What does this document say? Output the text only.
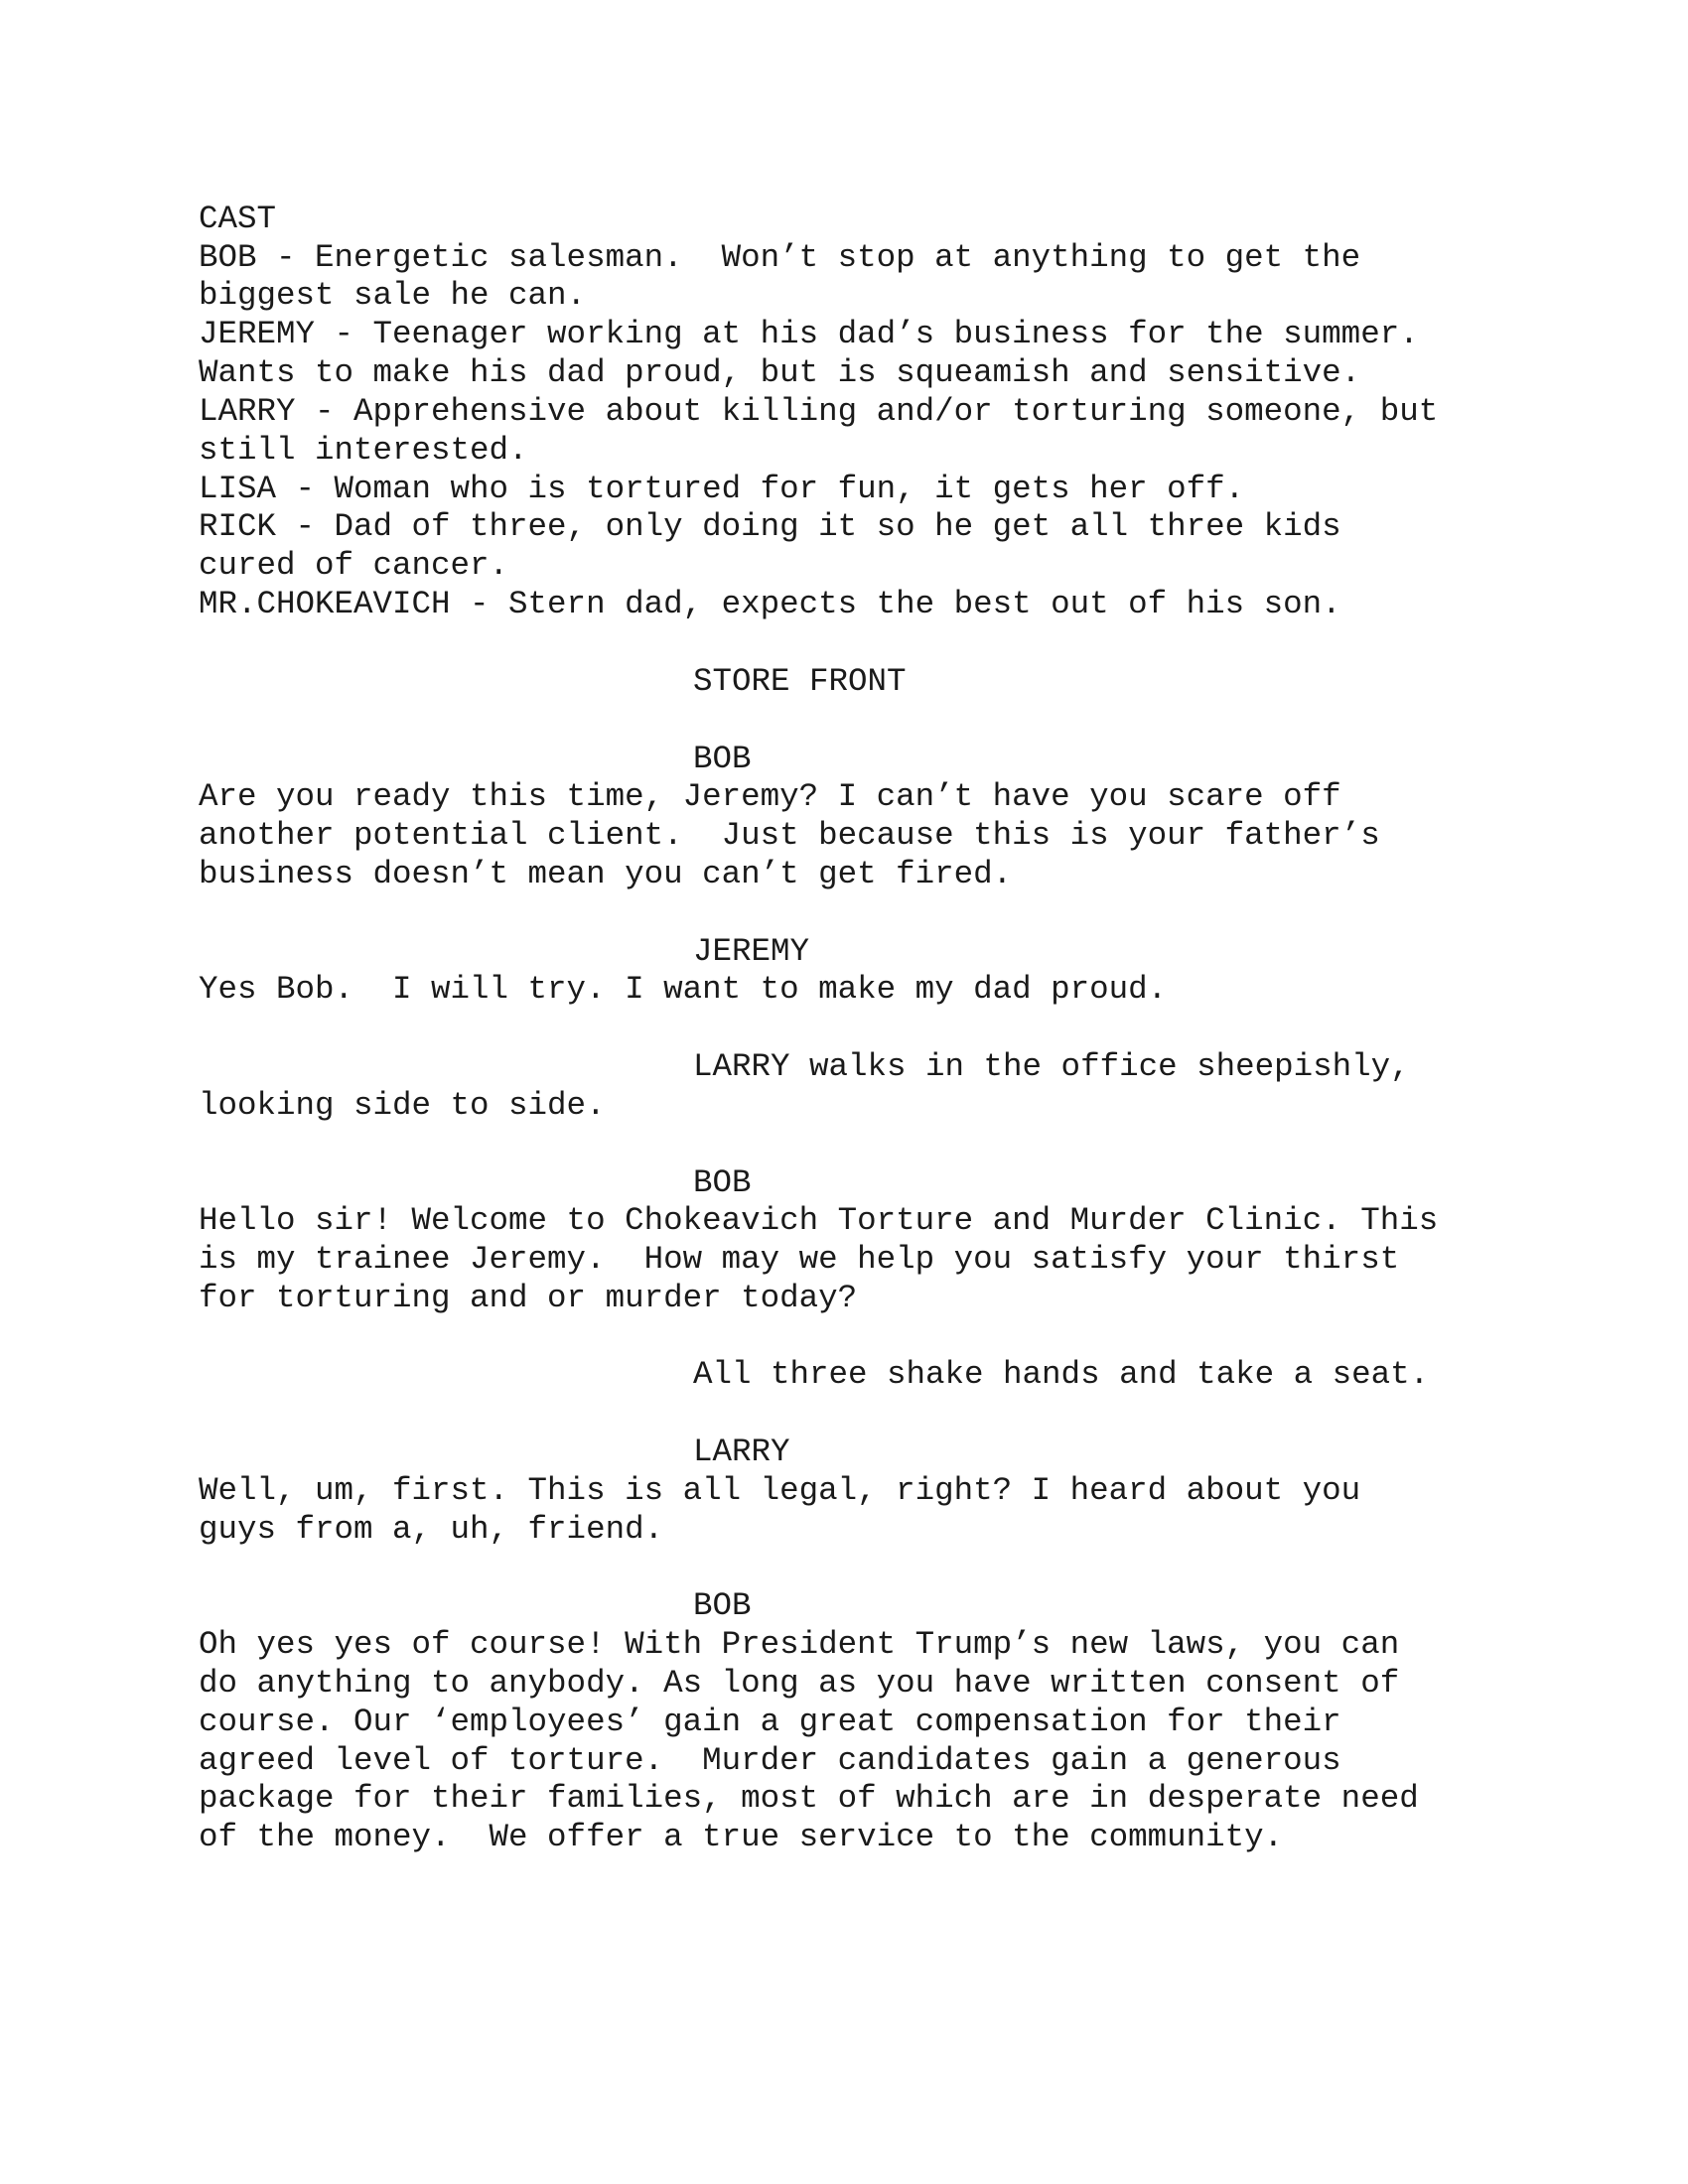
CAST

BOB - Energetic salesman.  Won’t stop at anything to get the

biggest sale he can.

JEREMY - Teenager working at his dad’s business for the summer.

Wants to make his dad proud, but is squeamish and sensitive.

LARRY - Apprehensive about killing and/or torturing someone, but

still interested.

LISA - Woman who is tortured for fun, it gets her off.

RICK - Dad of three, only doing it so he get all three kids

cured of cancer.

MR.CHOKEAVICH - Stern dad, expects the best out of his son.

STORE FRONT

BOB

Are you ready this time, Jeremy? I can’t have you scare off

another potential client.  Just because this is your father’s

business doesn’t mean you can’t get fired.

JEREMY

Yes Bob.  I will try. I want to make my dad proud.

LARRY walks in the office sheepishly,

looking side to side.

BOB

Hello sir! Welcome to Chokeavich Torture and Murder Clinic. This

is my trainee Jeremy.  How may we help you satisfy your thirst

for torturing and or murder today?

All three shake hands and take a seat.

LARRY

Well, um, first. This is all legal, right? I heard about you

guys from a, uh, friend.

BOB

Oh yes yes of course! With President Trump’s new laws, you can

do anything to anybody. As long as you have written consent of

course. Our ‘employees’ gain a great compensation for their

agreed level of torture.  Murder candidates gain a generous

package for their families, most of which are in desperate need

of the money.  We offer a true service to the community.
